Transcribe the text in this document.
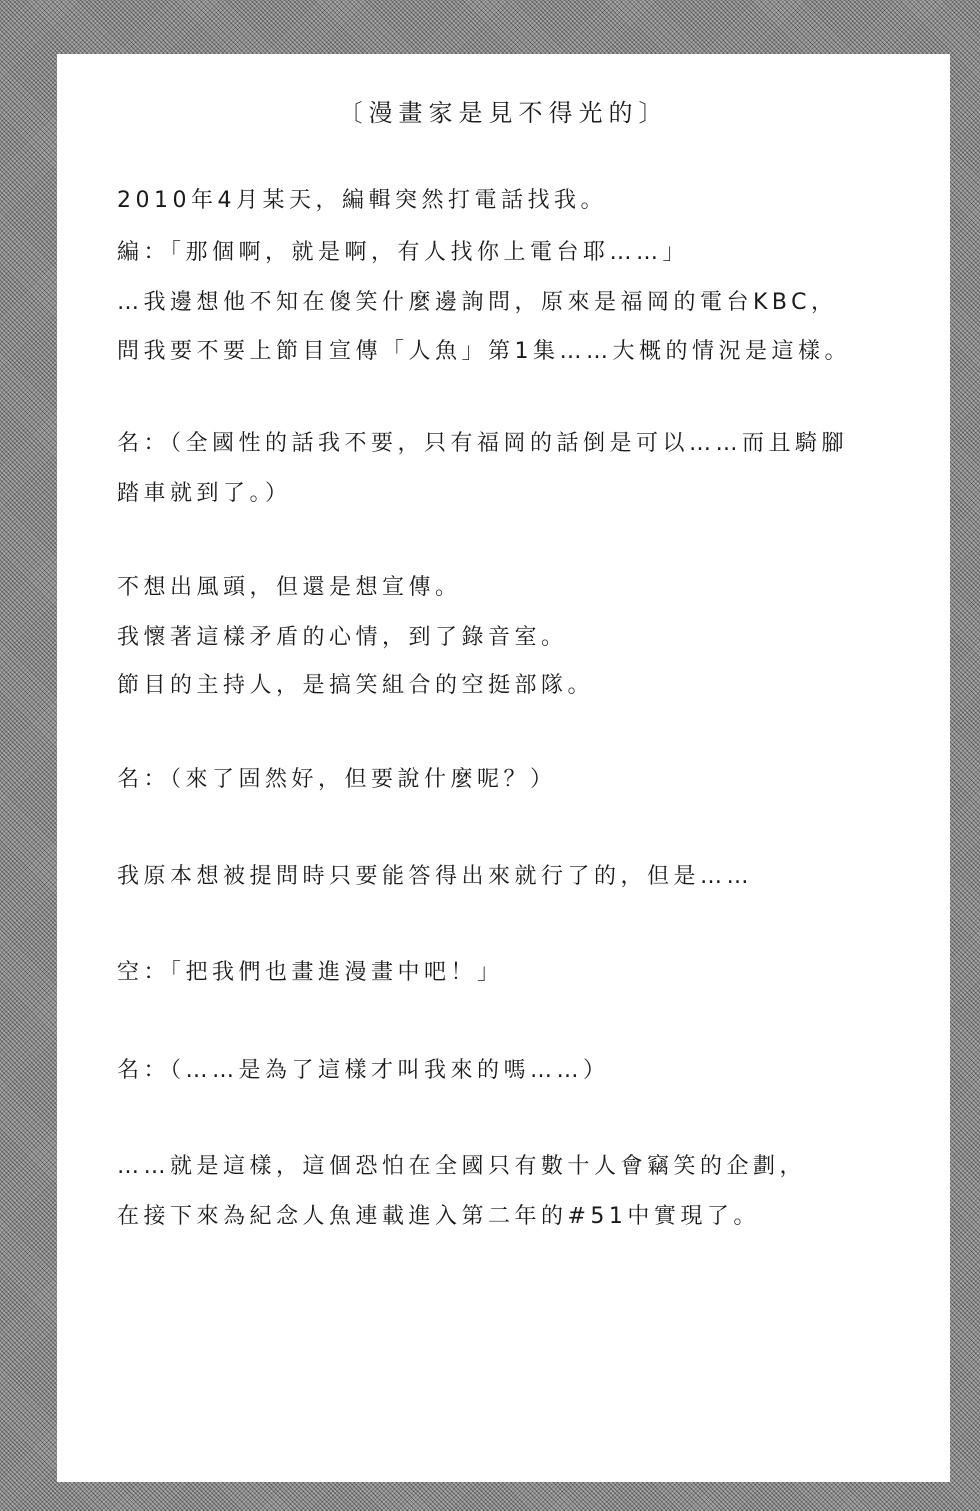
〔漫畫家是見不得光的〕

2010年4月某天，編輯突然打電話找我。

編：「那個啊，就是啊，有人找你上電台耶……」

…我邊想他不知在傻笑什麼邊詢問，原來是福岡的電台KBC，

問我要不要上節目宣傳「人魚」第1集……大概的情況是這樣。

名：（全國性的話我不要，只有福岡的話倒是可以……而且騎腳

踏車就到了。）

不想出風頭，但還是想宣傳。

我懷著這樣矛盾的心情，到了錄音室。

節目的主持人，是搞笑組合的空挺部隊。

名：（來了固然好，但要說什麼呢？）

我原本想被提問時只要能答得出來就行了的，但是……

空：「把我們也畫進漫畫中吧！」

名：（……是為了這樣才叫我來的嗎……）

……就是這樣，這個恐怕在全國只有數十人會竊笑的企劃，

在接下來為紀念人魚連載進入第二年的#51中實現了。
